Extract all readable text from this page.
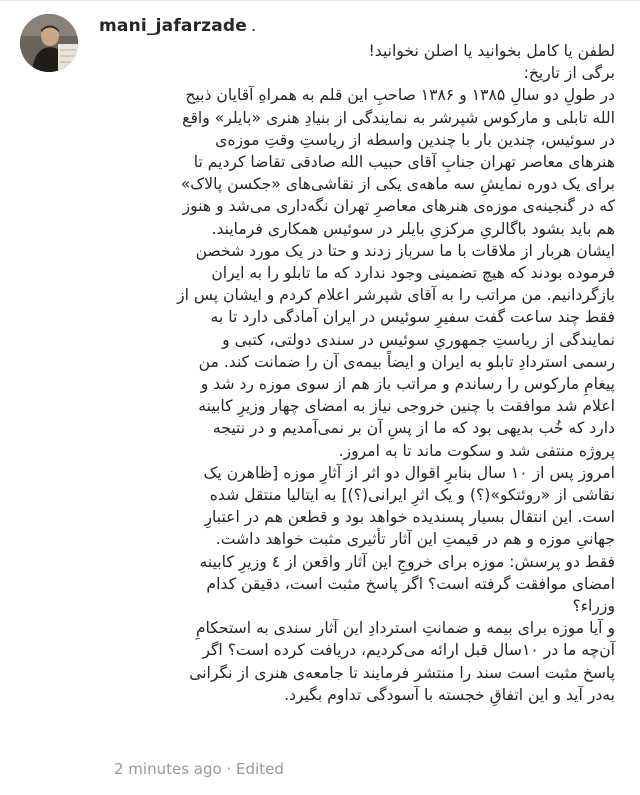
mani_jafarzade .

لطفن یا کامل بخوانید یا اصلن نخوانید!

برگی از تاریخ:

در طولِ دو سالِ ۱۳۸۵ و ۱۳۸۶ صاحبِ این قلم به همراهِ آقایان ذبیح

الله تابلی و مارکوس شپرشر به نمایندگی از بنیادِ هنری «بایلر» واقع

در سوئیس، چندین بار با چندین واسطه از ریاستِ وقتِ موزه‌ی

هنرهای معاصر تهران جنابِ آقای حبیب الله صادقی تقاضا کردیم تا

برای یک دوره نمایشِ سه ماهه‌ی یکی از نقاشی‌های «جکسن پالاک»

که در گنجینه‌ی موزه‌ی هنرهای معاصرِ تهران نگه‌داری می‌شد و هنوز

هم باید بشود باگالریِ مرکزیِ بایلر در سوئیس همکاری فرمایند.

ایشان هربار از ملاقات با ما سرباز زدند و حتا در یک مورد شخصن

فرموده بودند که هیچ تضمینی وجود ندارد که ما تابلو را به ایران

بازگردانیم. من مراتب را به آقای شپرشر اعلام کردم و ایشان پس از

فقط چند ساعت گفت سفیرِ سوئیس در ایران آمادگی دارد تا به

نمایندگی از ریاستِ جمهوریِ سوئیس در سندی دولتی، کتبی و

رسمی استردادِ تابلو به ایران و ایضاً بیمه‌ی آن را ضمانت کند. من

پیغامِ مارکوس را رساندم و مراتب باز هم از سوی موزه رد شد و

اعلام شد موافقت با چنین خروجی نیاز به امضای چهار وزیرِ کابینه

دارد که خُب بدیهی بود که ما از پسِ آن بر نمی‌آمدیم و در نتیجه

پروژه منتفی شد و سکوت ماند تا به امروز.

امروز پس از ۱۰ سال بنابرِ اقوال دو اثر از آثارِ موزه [ظاهرن یک

نقاشی از «روئتکو»(؟) و یک اثرِ ایرانی(؟)] به ایتالیا منتقل شده

است. این انتقال بسیار پسندیده خواهد بود و قطعن هم در اعتبارِ

جهانیِ موزه و هم در قیمتِ این آثار تأثیری مثبت خواهد داشت.

فقط دو پرسش: موزه برای خروجِ این آثار واقعن از ٤ وزیرِ کابینه

امضای موافقت گرفته است؟ اگر پاسخ مثبت است، دقیقن کدام

وزراء؟

و آیا موزه برای بیمه و ضمانتِ استردادِ این آثار سندی به استحکامِ

آن‌چه ما در ۱۰سال قبل ارائه می‌کردیم، دریافت کرده است؟ اگر

پاسخ مثبت است سند را منتشر فرمایند تا جامعه‌ی هنری از نگرانی

به‌در آید و این اتفاقِ خجسته با آسودگی تداوم بگیرد.

2 minutes ago · Edited
